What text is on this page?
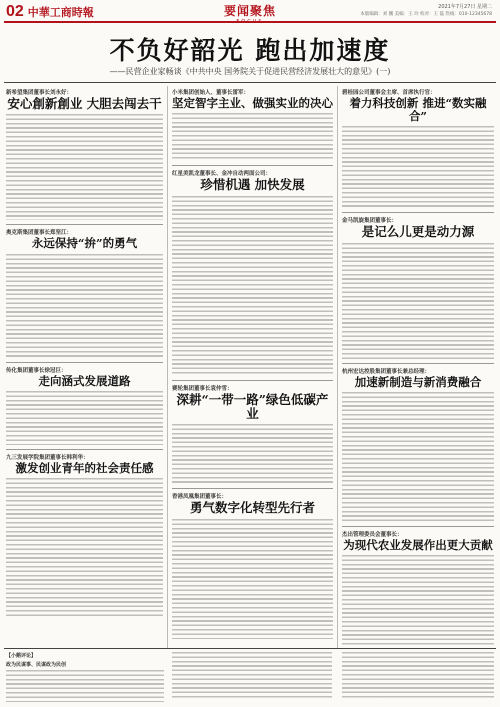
02 中華工商時報	要闻聚焦	2021年7月27日 星期二
本版编辑：刘 鹏 美编：王 玲 校对：王 磊 热线：010-12345678
不负好韶光 跑出加速度
——民营企业家畅谈《中共中央 国务院关于促进民营经济发展壮大的意见》(一)
新希望集团董事长刘永好：
安心創新創业 大胆去闯去干
奥克斯集团董事长郑坚江：
永远保持“拚”的勇气
传化集团董事长徐冠巨：
走向涵式发展道路
九三发展学院集团董事长韩利华：
激发创业青年的社会责任感
小米集团创始人、董事长雷军：
坚定智字主业、做强实业的决心
红星美凯龙董事长、金冲自动两面公司：
珍惜机遇 加快发展
赛轮集团董事长袁仲雪：
深耕“一带一路”绿色低碳产业
香港凤凰集团董事长：
勇气数字化转型先行者
碧桂园公司董事会主席、首席执行官：
着力科技创新 推进“数实融合”
金马凯旋集团董事长：
是记么儿更是动力源
杭州宏达控股集团董事长兼总经理：
加速新制造与新消费融合
杰出管理委员会董事长：
为现代农业发展作出更大贡献
【小鹅评论】
政为民谋事、民谋政为民创
